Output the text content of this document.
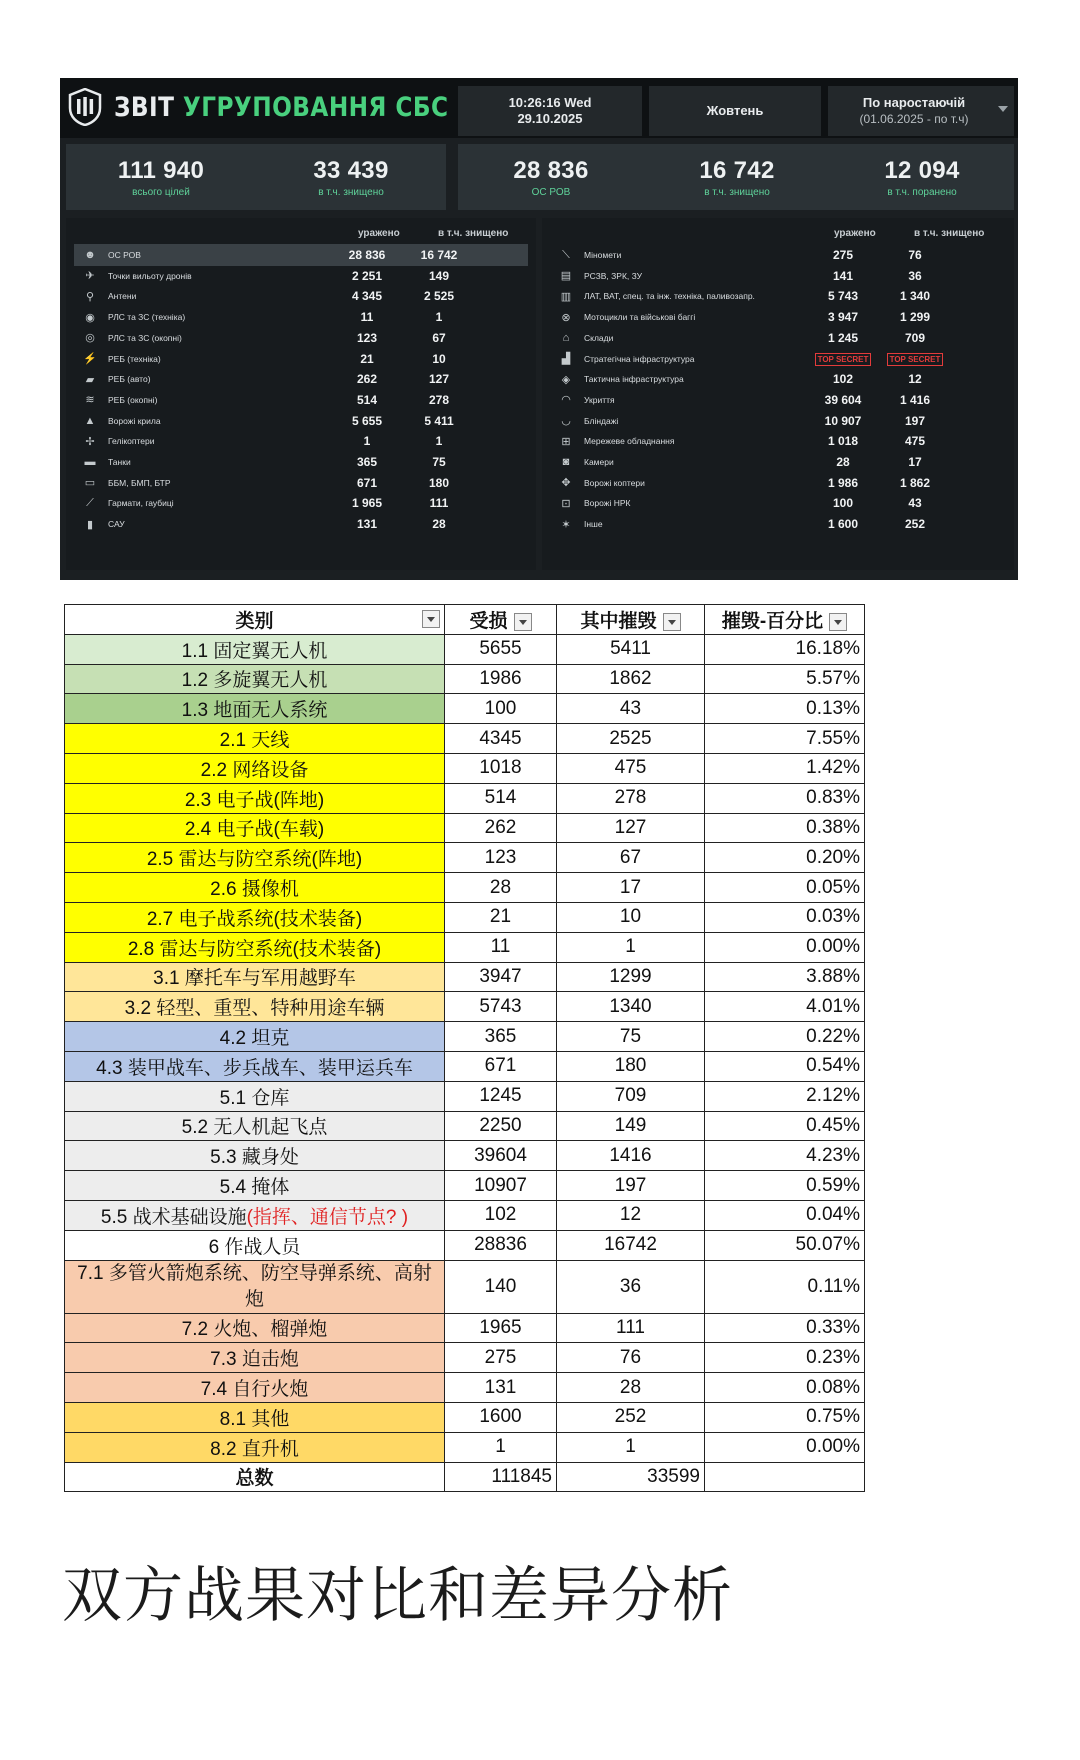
ЗВІТ УГРУПОВАННЯ СБС	10:26:16 Wed
29.10.2025
Жовтень
По наростаючій
(01.06.2025 - по т.ч)
111 940
всього цілей
33 439
в т.ч. знищено
28 836
ОС РОВ
16 742
в т.ч. знищено
12 094
в т.ч. поранено
уражено	в т.ч. знищено	уражено	в т.ч. знищено
☻	ОС РОВ	28 836	16 742
✈	Точки вильоту дронів	2 251	149
⚲	Антени	4 345	2 525
◉	РЛС та ЗС (техніка)	11	1
◎	РЛС та ЗС (окопні)	123	67
⚡	РЕБ (техніка)	21	10
▰	РЕБ (авто)	262	127
≋	РЕБ (окопні)	514	278
▲	Ворожі крила	5 655	5 411
✢	Гелікоптери	1	1
▬	Танки	365	75
▭	ББМ, БМП, БТР	671	180
⟋	Гармати, гаубиці	1 965	111
▮	САУ	131	28
⟍	Міномети	275	76
▤	РСЗВ, ЗРК, ЗУ	141	36
▥	ЛАТ, ВАТ, спец. та інж. техніка, паливозапр.	5 743	1 340
⊗	Мотоцикли та військові баггі	3 947	1 299
⌂	Склади	1 245	709
▟	Стратегічна інфраструктура	TOP SECRET	TOP SECRET
◈	Тактична інфраструктура	102	12
◠	Укриття	39 604	1 416
◡	Бліндажі	10 907	197
⊞	Мережеве обладнання	1 018	475
◙	Камери	28	17
✥	Ворожі коптери	1 986	1 862
⊡	Ворожі НРК	100	43
✶	Інше	1 600	252
类别	受损	其中摧毁	摧毁-百分比
1.1 固定翼无人机	5655	5411	16.18%
1.2 多旋翼无人机	1986	1862	5.57%
1.3 地面无人系统	100	43	0.13%
2.1 天线	4345	2525	7.55%
2.2 网络设备	1018	475	1.42%
2.3 电子战(阵地)	514	278	0.83%
2.4 电子战(车载)	262	127	0.38%
2.5 雷达与防空系统(阵地)	123	67	0.20%
2.6 摄像机	28	17	0.05%
2.7 电子战系统(技术装备)	21	10	0.03%
2.8 雷达与防空系统(技术装备)	11	1	0.00%
3.1 摩托车与军用越野车	3947	1299	3.88%
3.2 轻型、重型、特种用途车辆	5743	1340	4.01%
4.2 坦克	365	75	0.22%
4.3 装甲战车、步兵战车、装甲运兵车	671	180	0.54%
5.1 仓库	1245	709	2.12%
5.2 无人机起飞点	2250	149	0.45%
5.3 藏身处	39604	1416	4.23%
5.4 掩体	10907	197	0.59%
5.5 战术基础设施(指挥、通信节点? )	102	12	0.04%
6 作战人员	28836	16742	50.07%
7.1 多管火箭炮系统、防空导弹系统、高射炮	140	36	0.11%
7.2 火炮、榴弹炮	1965	111	0.33%
7.3 迫击炮	275	76	0.23%
7.4 自行火炮	131	28	0.08%
8.1 其他	1600	252	0.75%
8.2 直升机	1	1	0.00%
总数	111845	33599	
双方战果对比和差异分析
